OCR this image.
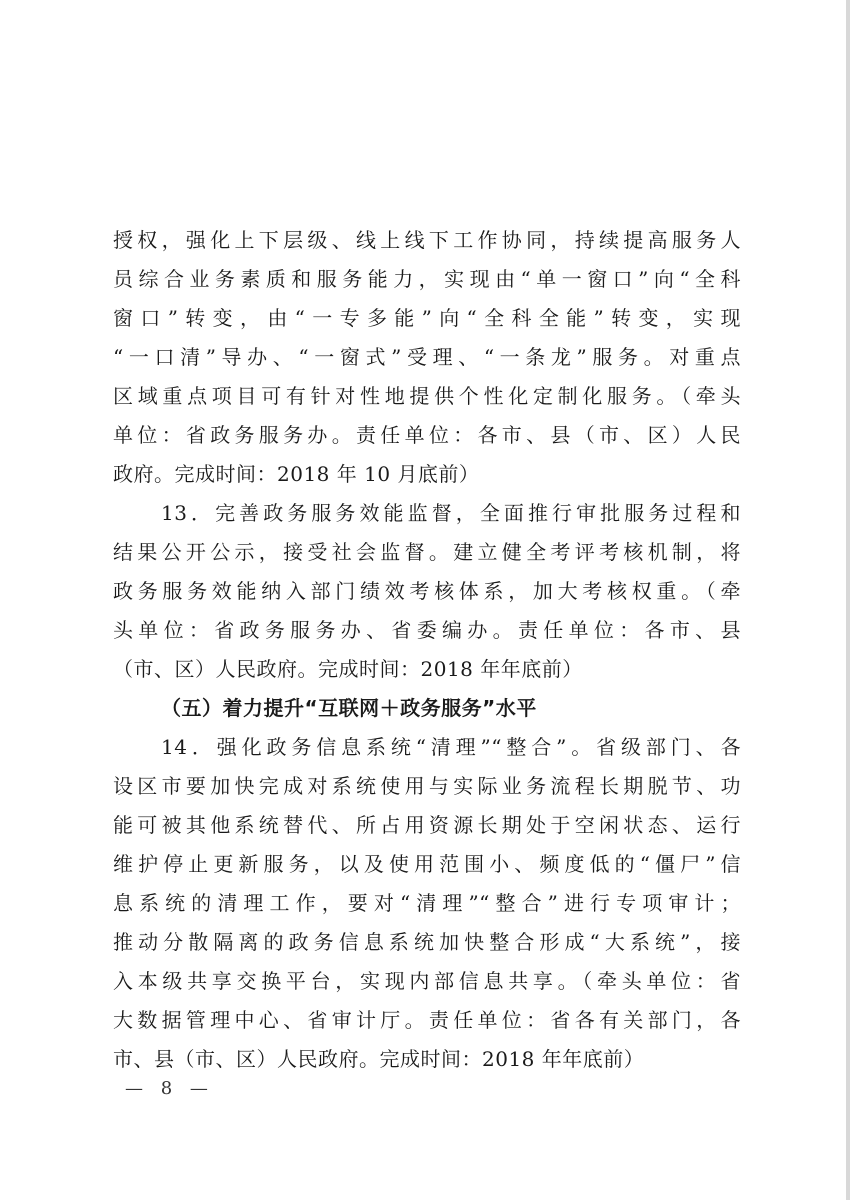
授权，强化上下层级、线上线下工作协同，持续提高服务人
员综合业务素质和服务能力，实现由“单一窗口”向“全科
窗口”转变，由“一专多能”向“全科全能”转变，实现
“一口清”导办、“一窗式”受理、“一条龙”服务。对重点
区域重点项目可有针对性地提供个性化定制化服务。（牵头
单位：省政务服务办。责任单位：各市、县（市、区）人民
政府。完成时间：2018 年 10 月底前）
13．完善政务服务效能监督，全面推行审批服务过程和
结果公开公示，接受社会监督。建立健全考评考核机制，将
政务服务效能纳入部门绩效考核体系，加大考核权重。（牵
头单位：省政务服务办、省委编办。责任单位：各市、县
（市、区）人民政府。完成时间：2018 年年底前）
（五）着力提升“互联网＋政务服务”水平
14．强化政务信息系统“清理”“整合”。省级部门、各
设区市要加快完成对系统使用与实际业务流程长期脱节、功
能可被其他系统替代、所占用资源长期处于空闲状态、运行
维护停止更新服务，以及使用范围小、频度低的“僵尸”信
息系统的清理工作，要对“清理”“整合”进行专项审计；
推动分散隔离的政务信息系统加快整合形成“大系统”，接
入本级共享交换平台，实现内部信息共享。（牵头单位：省
大数据管理中心、省审计厅。责任单位：省各有关部门，各
市、县（市、区）人民政府。完成时间：2018 年年底前）
— 8 —
